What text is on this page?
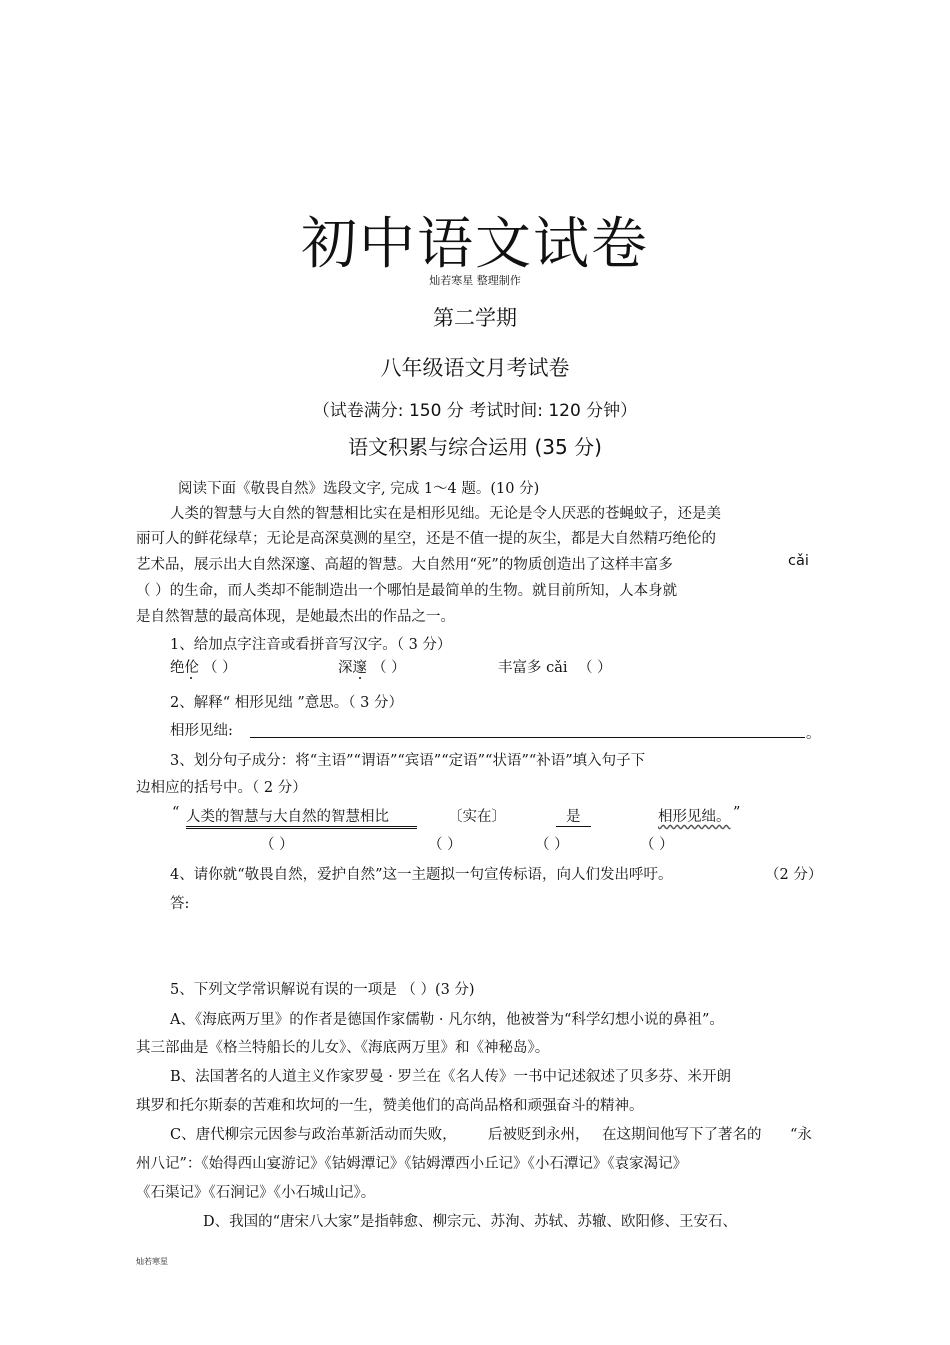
初中语文试卷
灿若寒星 整理制作
第二学期
八年级语文月考试卷
（试卷满分: 150 分 考试时间: 120 分钟）
语文积累与综合运用 (35 分)
阅读下面《敬畏自然》选段文字, 完成 1～4 题。(10 分)
人类的智慧与大自然的智慧相比实在是相形见绌。无论是令人厌恶的苍蝇蚊子，还是美
丽可人的鲜花绿草；无论是高深莫测的星空，还是不值一提的灰尘，都是大自然精巧绝伦的
艺术品，展示出大自然深邃、高超的智慧。大自然用“死”的物质创造出了这样丰富多	cǎi
（ ）的生命，而人类却不能制造出一个哪怕是最简单的生物。就目前所知，人本身就
是自然智慧的最高体现，是她最杰出的作品之一。
1、给加点字注音或看拼音写汉字。（ 3 分）
绝伦 （ ）	深邃 （ ）	丰富多 cǎi （ ）
2、解释“ 相形见绌 ”意思。（ 3 分）
相形见绌:	。
3、划分句子成分：将“主语”“谓语”“宾语”“定语”“状语”“补语”填入句子下
边相应的括号中。（ 2 分）
“ 人类的智慧与大自然的智慧相比	〔实在〕	是	相形见绌。 ”
（ ）	（ ）	（ ）	（ ）
4、请你就“敬畏自然，爱护自然”这一主题拟一句宣传标语，向人们发出呼吁。	（2 分）
答:
5、下列文学常识解说有误的一项是 （ ）(3 分)
A、《海底两万里》的作者是德国作家儒勒 · 凡尔纳，他被誉为“科学幻想小说的鼻祖”。
其三部曲是《格兰特船长的儿女》、《海底两万里》和《神秘岛》。
B、法国著名的人道主义作家罗曼 · 罗兰在《名人传》一书中记述叙述了贝多芬、米开朗
琪罗和托尔斯泰的苦难和坎坷的一生，赞美他们的高尚品格和顽强奋斗的精神。
C、唐代柳宗元因参与政治革新活动而失败， 后被贬到永州， 在这期间他写下了著名的 “永
州八记”：《始得西山宴游记》《钴姆潭记》《钴姆潭西小丘记》《小石潭记》《袁家渴记》
《石渠记》《石涧记》《小石城山记》。
D、我国的“唐宋八大家”是指韩愈、柳宗元、苏洵、苏轼、苏辙、欧阳修、王安石、
灿若寒星
